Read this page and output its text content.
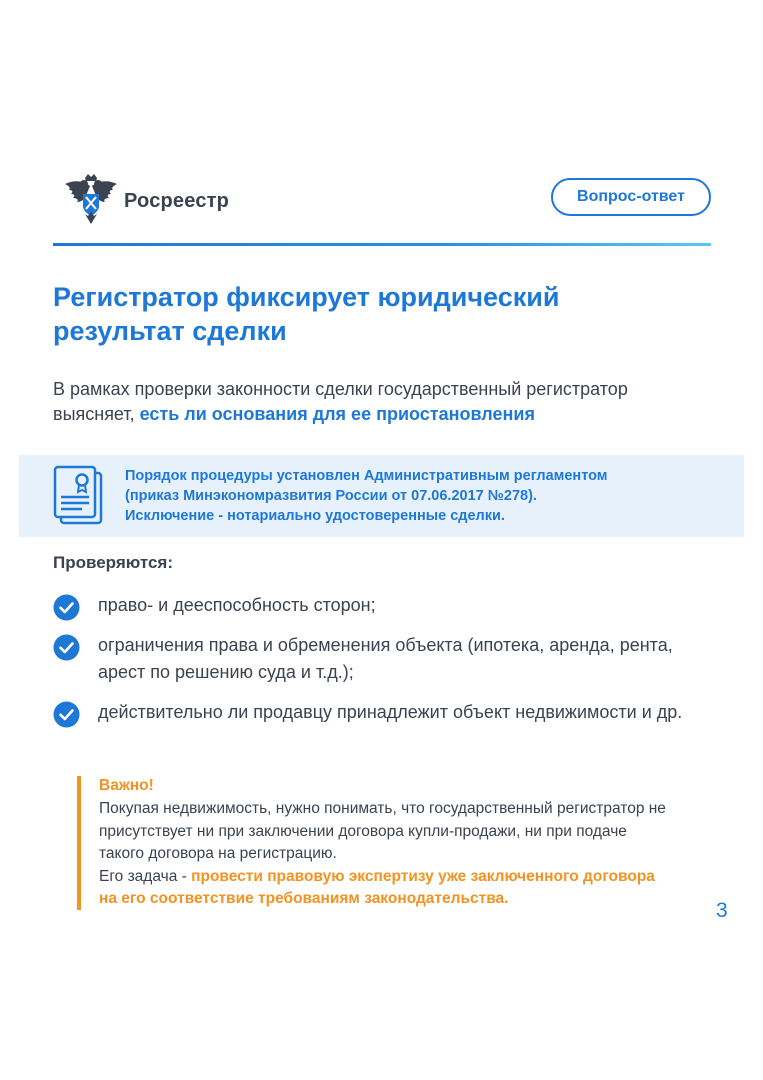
Росреестр	Вопрос-ответ
Регистратор фиксирует юридический
результат сделки
В рамках проверки законности сделки государственный регистратор выясняет, есть ли основания для ее приостановления
Порядок процедуры установлен Административным регламентом
(приказ Минэкономразвития России от 07.06.2017 №278).
Исключение - нотариально удостоверенные сделки.
Проверяются:
право- и дееспособность сторон;
ограничения права и обременения объекта (ипотека, аренда, рента, арест по решению суда и т.д.);
действительно ли продавцу принадлежит объект недвижимости и др.
Важно!
Покупая недвижимость, нужно понимать, что государственный регистратор не присутствует ни при заключении договора купли-продажи, ни при подаче такого договора на регистрацию.
Его задача - провести правовую экспертизу уже заключенного договора на его соответствие требованиям законодательства.
3
